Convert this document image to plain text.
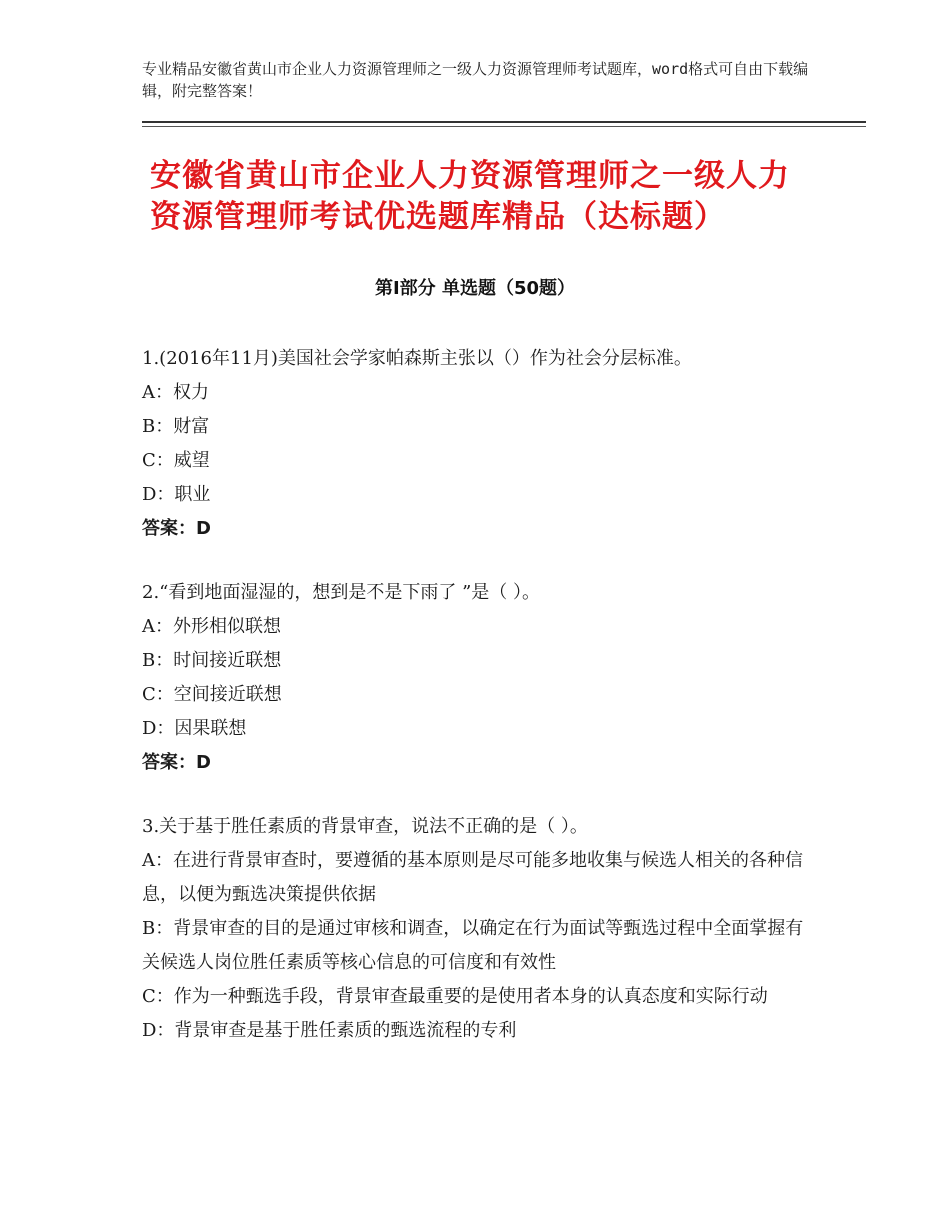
专业精品安徽省黄山市企业人力资源管理师之一级人力资源管理师考试题库，word格式可自由下载编辑，附完整答案！
安徽省黄山市企业人力资源管理师之一级人力资源管理师考试优选题库精品（达标题）
第Ⅰ部分 单选题（50题）

1.(2016年11月)美国社会学家帕森斯主张以（）作为社会分层标准。

A：权力

B：财富

C：威望

D：职业

答案：D

2.“看到地面湿湿的，想到是不是下雨了 ”是（ ）。

A：外形相似联想

B：时间接近联想

C：空间接近联想

D：因果联想

答案：D

3.关于基于胜任素质的背景审查，说法不正确的是（ ）。

A：在进行背景审查时，要遵循的基本原则是尽可能多地收集与候选人相关的各种信息，以便为甄选决策提供依据

B：背景审查的目的是通过审核和调查，以确定在行为面试等甄选过程中全面掌握有关候选人岗位胜任素质等核心信息的可信度和有效性

C：作为一种甄选手段，背景审查最重要的是使用者本身的认真态度和实际行动

D：背景审查是基于胜任素质的甄选流程的专利
